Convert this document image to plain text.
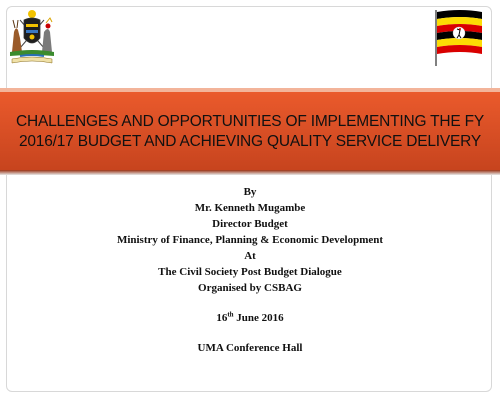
CHALLENGES AND OPPORTUNITIES OF IMPLEMENTING THE FY
2016/17 BUDGET AND ACHIEVING QUALITY SERVICE DELIVERY
By
Mr. Kenneth Mugambe
Director Budget
Ministry of Finance, Planning & Economic Development
At
The Civil Society Post Budget Dialogue
Organised by CSBAG
16th June 2016
UMA Conference Hall
